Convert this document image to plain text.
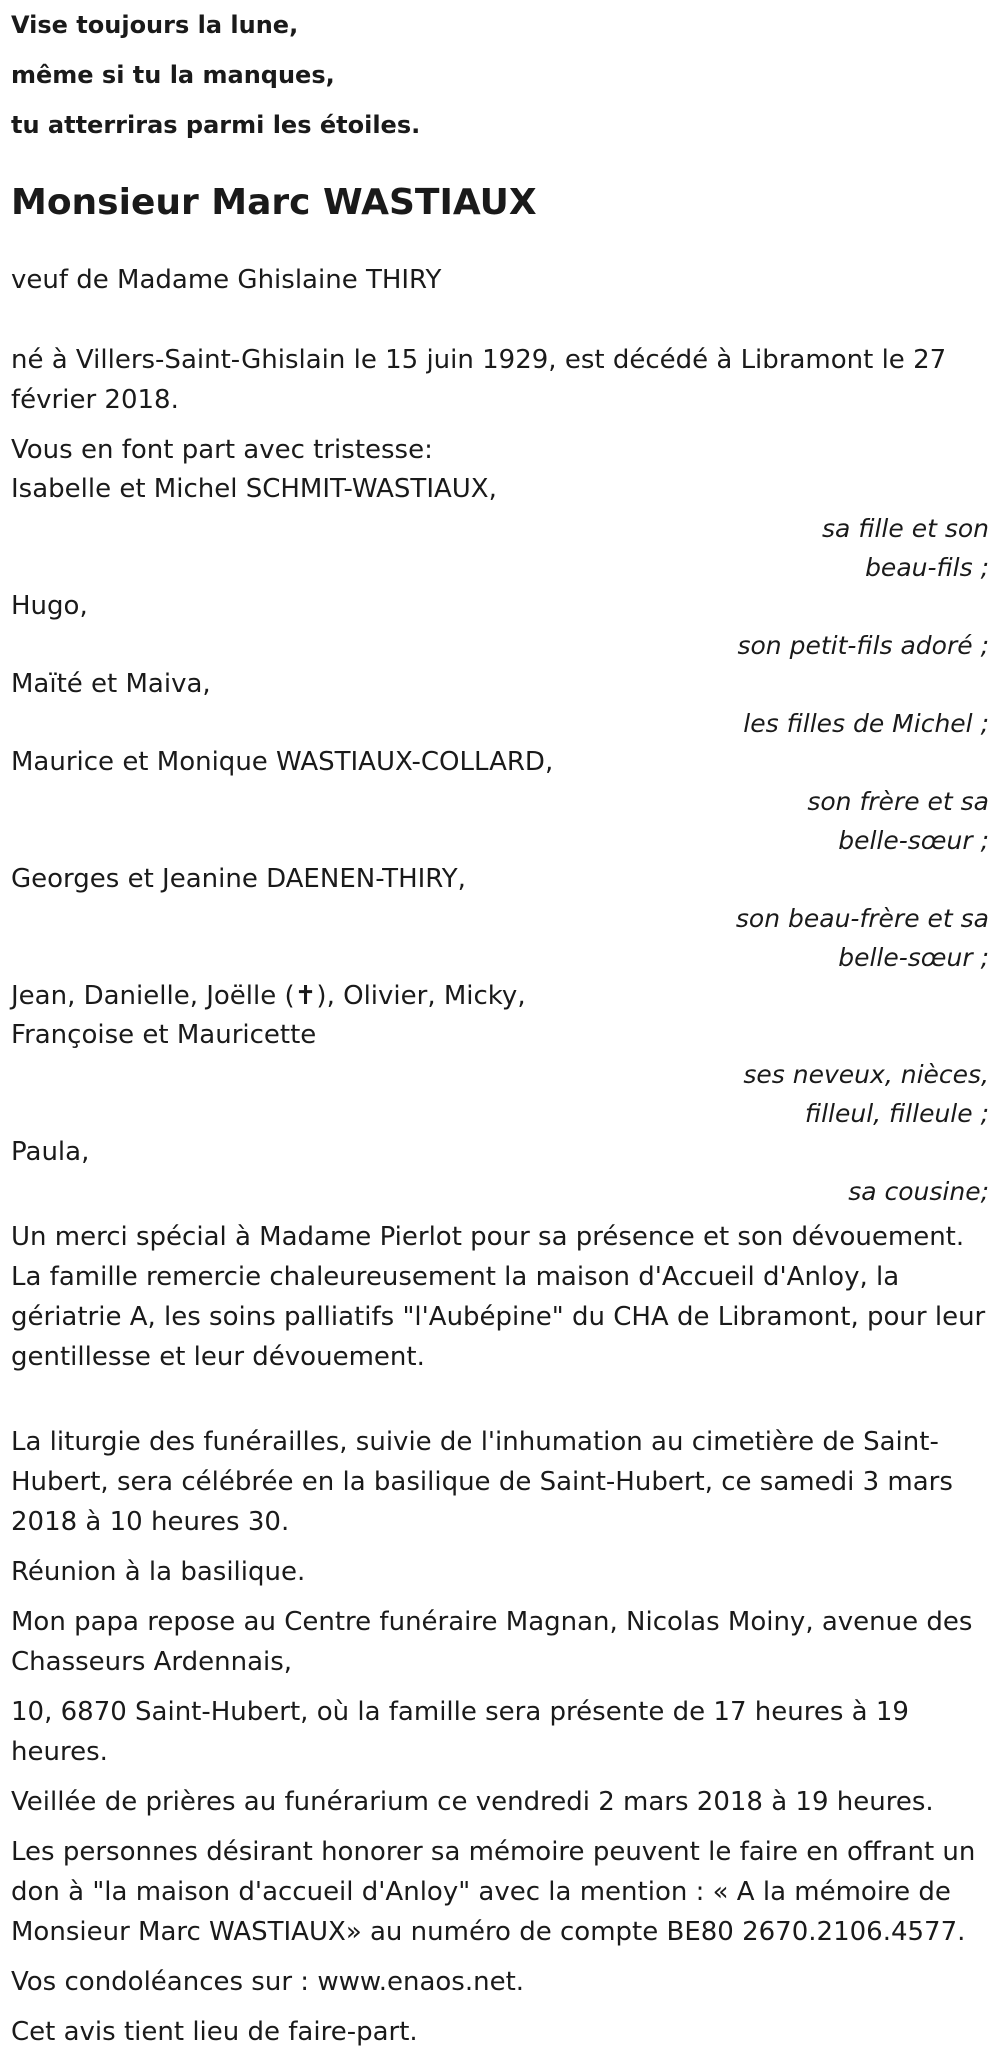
Vise toujours la lune,
même si tu la manques,
tu atterriras parmi les étoiles.
Monsieur Marc WASTIAUX

veuf de Madame Ghislaine THIRY

né à Villers-Saint-Ghislain le 15 juin 1929, est décédé à Libramont le 27 février 2018.

Vous en font part avec tristesse:

Isabelle et Michel SCHMIT-WASTIAUX,
sa fille et son
beau-fils ;
Hugo,
son petit-fils adoré ;
Maïté et Maiva,
les filles de Michel ;
Maurice et Monique WASTIAUX-COLLARD,
son frère et sa
belle-sœur ;
Georges et Jeanine DAENEN-THIRY,
son beau-frère et sa
belle-sœur ;
Jean, Danielle, Joëlle (✝), Olivier, Micky,
Françoise et Mauricette
ses neveux, nièces,
filleul, filleule ;
Paula,
sa cousine;

Un merci spécial à Madame Pierlot pour sa présence et son dévouement.

La famille remercie chaleureusement la maison d'Accueil d'Anloy, la gériatrie A, les soins palliatifs "l'Aubépine" du CHA de Libramont, pour leur gentillesse et leur dévouement.

La liturgie des funérailles, suivie de l'inhumation au cimetière de Saint-Hubert, sera célébrée en la basilique de Saint-Hubert, ce samedi 3 mars 2018 à 10 heures 30.

Réunion à la basilique.

Mon papa repose au Centre funéraire Magnan, Nicolas Moiny, avenue des Chasseurs Ardennais,

10, 6870 Saint-Hubert, où la famille sera présente de 17 heures à 19 heures.

Veillée de prières au funérarium ce vendredi 2 mars 2018 à 19 heures.

Les personnes désirant honorer sa mémoire peuvent le faire en offrant un don à "la maison d'accueil d'Anloy" avec la mention : « A la mémoire de Monsieur Marc WASTIAUX» au numéro de compte BE80 2670.2106.4577.

Vos condoléances sur : www.enaos.net.

Cet avis tient lieu de faire-part.
